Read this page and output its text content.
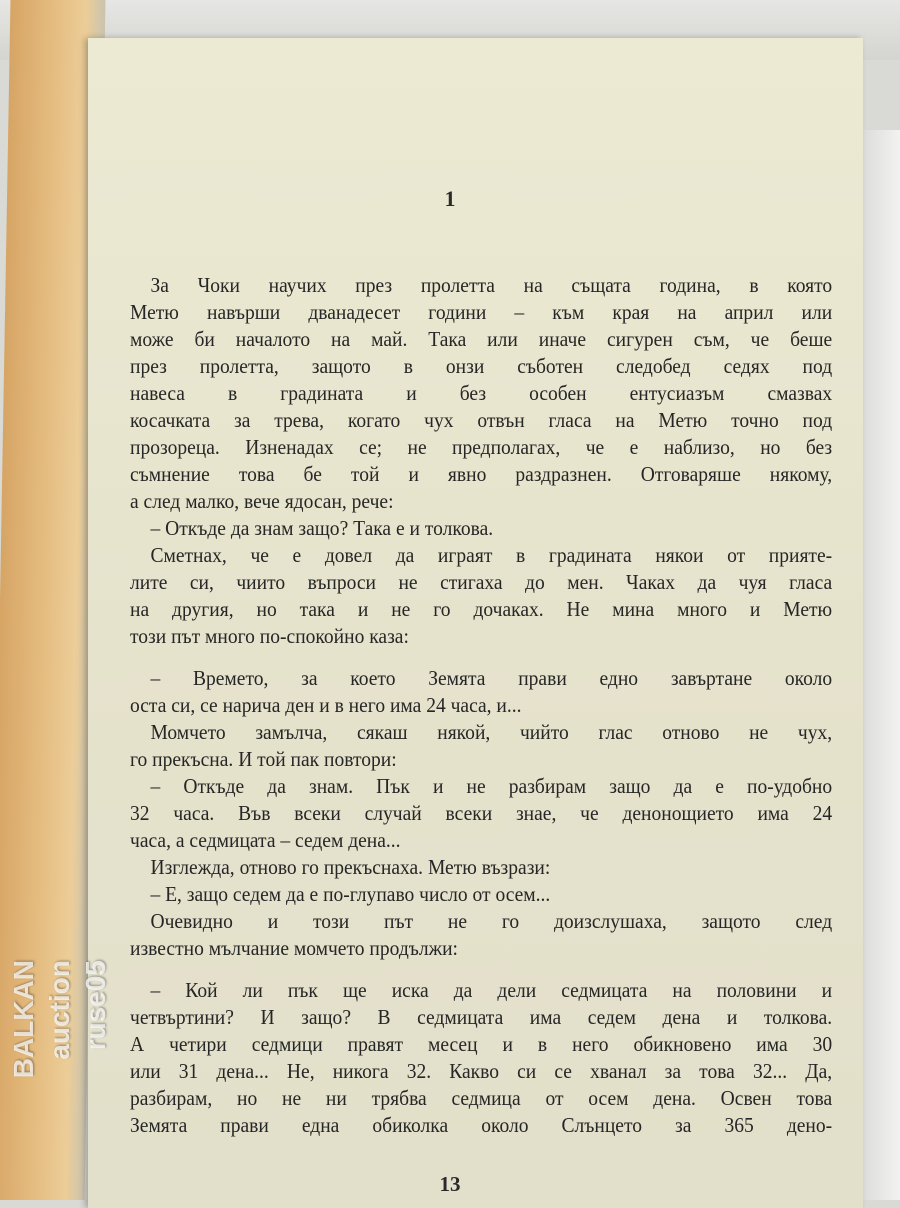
1
За Чоки научих през пролетта на същата година, в която
Метю навърши дванадесет години – към края на април или
може би началото на май. Така или иначе сигурен съм, че беше
през пролетта, защото в онзи съботен следобед седях под
навеса в градината и без особен ентусиазъм смазвах
косачката за трева, когато чух отвън гласа на Метю точно под
прозореца. Изненадах се; не предполагах, че е наблизо, но без
съмнение това бе той и явно раздразнен. Отговаряше някому,
а след малко, вече ядосан, рече:
– Откъде да знам защо? Така е и толкова.
Сметнах, че е довел да играят в градината някои от прияте-
лите си, чиито въпроси не стигаха до мен. Чаках да чуя гласа
на другия, но така и не го дочаках. Не мина много и Метю
този път много по-спокойно каза:
– Времето, за което Земята прави едно завъртане около
оста си, се нарича ден и в него има 24 часа, и...
Момчето замълча, сякаш някой, чийто глас отново не чух,
го прекъсна. И той пак повтори:
– Откъде да знам. Пък и не разбирам защо да е по-удобно
32 часа. Във всеки случай всеки знае, че денонощието има 24
часа, а седмицата – седем дена...
Изглежда, отново го прекъснаха. Метю възрази:
– Е, защо седем да е по-глупаво число от осем...
Очевидно и този път не го доизслушаха, защото след
известно мълчание момчето продължи:
– Кой ли пък ще иска да дели седмицата на половини и
четвъртини? И защо? В седмицата има седем дена и толкова.
А четири седмици правят месец и в него обикновено има 30
или 31 дена... Не, никога 32. Какво си се хванал за това 32... Да,
разбирам, но не ни трябва седмица от осем дена. Освен това
Земята прави една обиколка около Слънцето за 365 дено-
13
BALKAN auction ruse05
